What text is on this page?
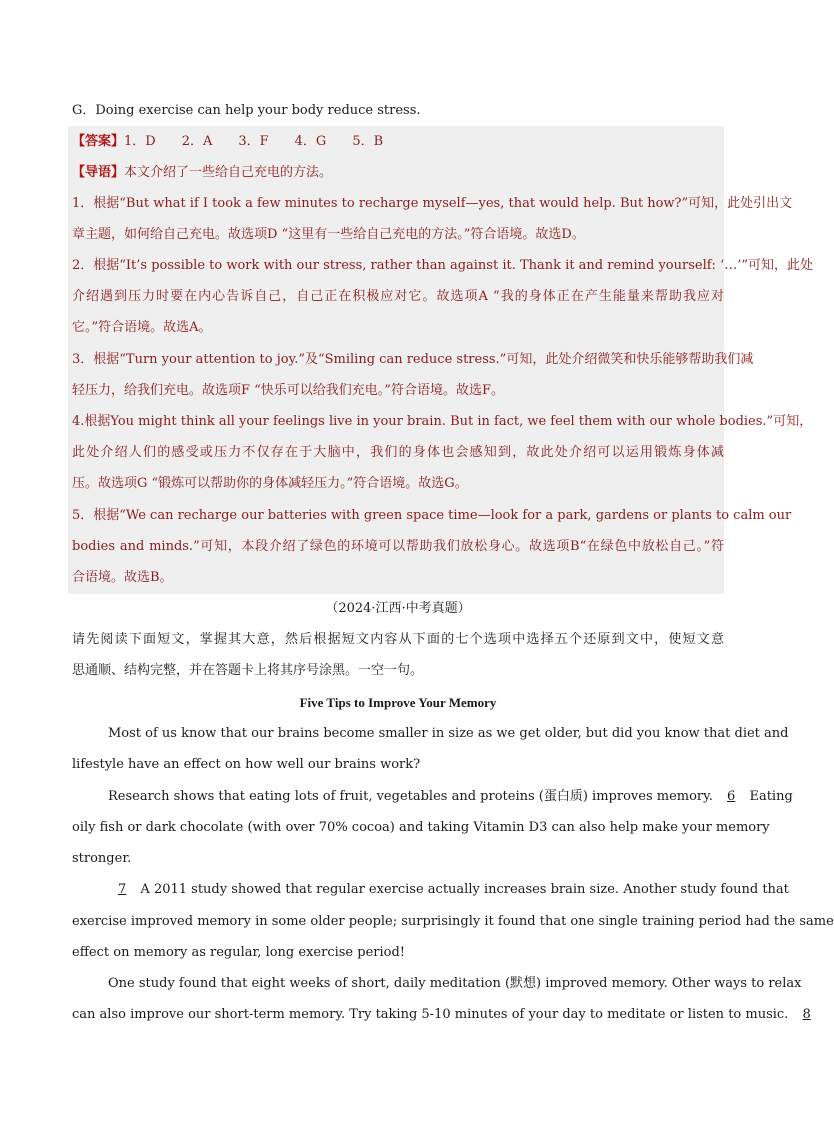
G．Doing exercise can help your body reduce stress.
【答案】1．D　　2．A　　3．F　　4．G　　5．B
【导语】本文介绍了一些给自己充电的方法。
1．根据“But what if I took a few minutes to recharge myself—yes, that would help. But how?”可知，此处引出文
章主题，如何给自己充电。故选项D “这里有一些给自己充电的方法。”符合语境。故选D。
2．根据“It’s possible to work with our stress, rather than against it. Thank it and remind yourself: ‘…’”可知，此处
介绍遇到压力时要在内心告诉自己，自己正在积极应对它。故选项A “我的身体正在产生能量来帮助我应对
它。”符合语境。故选A。
3．根据“Turn your attention to joy.”及“Smiling can reduce stress.”可知，此处介绍微笑和快乐能够帮助我们减
轻压力，给我们充电。故选项F “快乐可以给我们充电。”符合语境。故选F。
4.根据You might think all your feelings live in your brain. But in fact, we feel them with our whole bodies.”可知，
此处介绍人们的感受或压力不仅存在于大脑中，我们的身体也会感知到，故此处介绍可以运用锻炼身体减
压。故选项G “锻炼可以帮助你的身体减轻压力。”符合语境。故选G。
5．根据“We can recharge our batteries with green space time—look for a park, gardens or plants to calm our
bodies and minds.”可知，本段介绍了绿色的环境可以帮助我们放松身心。故选项B“在绿色中放松自己。”符
合语境。故选B。
（2024·江西·中考真题）
请先阅读下面短文，掌握其大意，然后根据短文内容从下面的七个选项中选择五个还原到文中，使短文意
思通顺、结构完整，并在答题卡上将其序号涂黑。一空一句。
Five Tips to Improve Your Memory
Most of us know that our brains become smaller in size as we get older, but did you know that diet and
lifestyle have an effect on how well our brains work?
Research shows that eating lots of fruit, vegetables and proteins (蛋白质) improves memory. 6 Eating
oily fish or dark chocolate (with over 70% cocoa) and taking Vitamin D3 can also help make your memory
stronger.
7 A 2011 study showed that regular exercise actually increases brain size. Another study found that
exercise improved memory in some older people; surprisingly it found that one single training period had the same
effect on memory as regular, long exercise period!
One study found that eight weeks of short, daily meditation (默想) improved memory. Other ways to relax
can also improve our short-term memory. Try taking 5-10 minutes of your day to meditate or listen to music. 8
